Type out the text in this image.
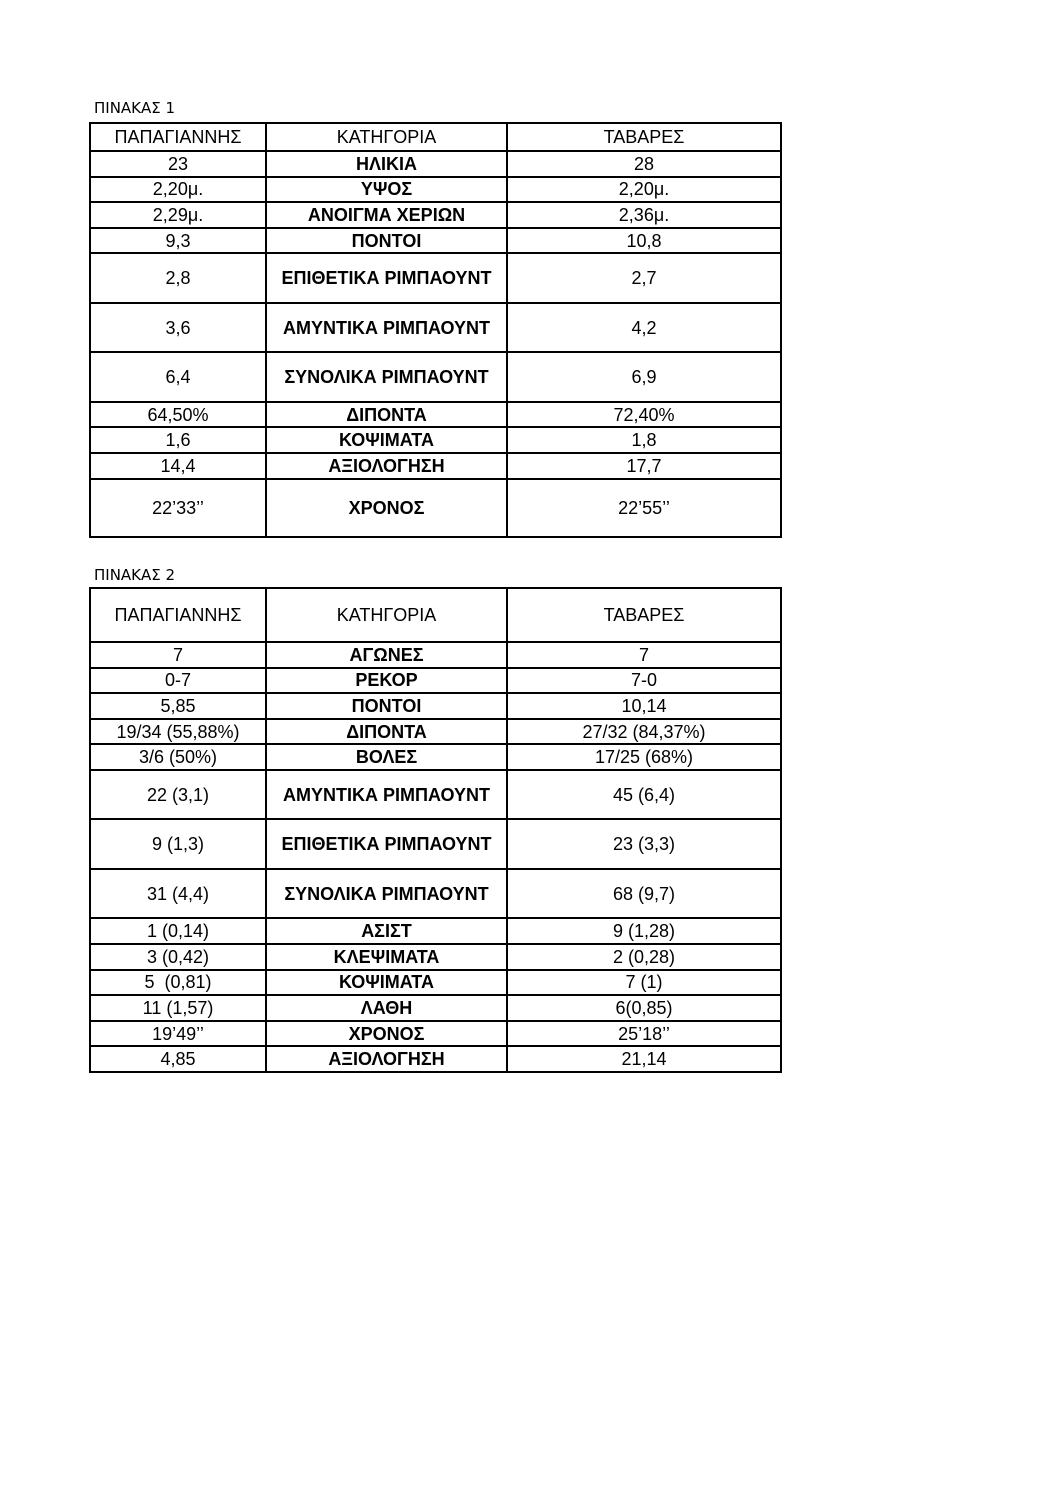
ΠΙΝΑΚΑΣ 1
ΠΑΠΑΓΙΑΝΝΗΣ	ΚΑΤΗΓΟΡΙΑ	ΤΑΒΑΡΕΣ
23	ΗΛΙΚΙΑ	28
2,20μ.	ΥΨΟΣ	2,20μ.
2,29μ.	ΑΝΟΙΓΜΑ ΧΕΡΙΩΝ	2,36μ.
9,3	ΠΟΝΤΟΙ	10,8
2,8	ΕΠΙΘΕΤΙΚΑ ΡΙΜΠΑΟΥΝΤ	2,7
3,6	ΑΜΥΝΤΙΚΑ ΡΙΜΠΑΟΥΝΤ	4,2
6,4	ΣΥΝΟΛΙΚΑ ΡΙΜΠΑΟΥΝΤ	6,9
64,50%	ΔΙΠΟΝΤΑ	72,40%
1,6	ΚΟΨΙΜΑΤΑ	1,8
14,4	ΑΞΙΟΛΟΓΗΣΗ	17,7
22’33’’	ΧΡΟΝΟΣ	22’55’’
ΠΙΝΑΚΑΣ 2
ΠΑΠΑΓΙΑΝΝΗΣ	ΚΑΤΗΓΟΡΙΑ	ΤΑΒΑΡΕΣ
7	ΑΓΩΝΕΣ	7
0-7	ΡΕΚΟΡ	7-0
5,85	ΠΟΝΤΟΙ	10,14
19/34 (55,88%)	ΔΙΠΟΝΤΑ	27/32 (84,37%)
3/6 (50%)	ΒΟΛΕΣ	17/25 (68%)
22 (3,1)	ΑΜΥΝΤΙΚΑ ΡΙΜΠΑΟΥΝΤ	45 (6,4)
9 (1,3)	ΕΠΙΘΕΤΙΚΑ ΡΙΜΠΑΟΥΝΤ	23 (3,3)
31 (4,4)	ΣΥΝΟΛΙΚΑ ΡΙΜΠΑΟΥΝΤ	68 (9,7)
1 (0,14)	ΑΣΙΣΤ	9 (1,28)
3 (0,42)	ΚΛΕΨΙΜΑΤΑ	2 (0,28)
5  (0,81)	ΚΟΨΙΜΑΤΑ	7 (1)
11 (1,57)	ΛΑΘΗ	6(0,85)
19’49’’	ΧΡΟΝΟΣ	25’18’’
4,85	ΑΞΙΟΛΟΓΗΣΗ	21,14
